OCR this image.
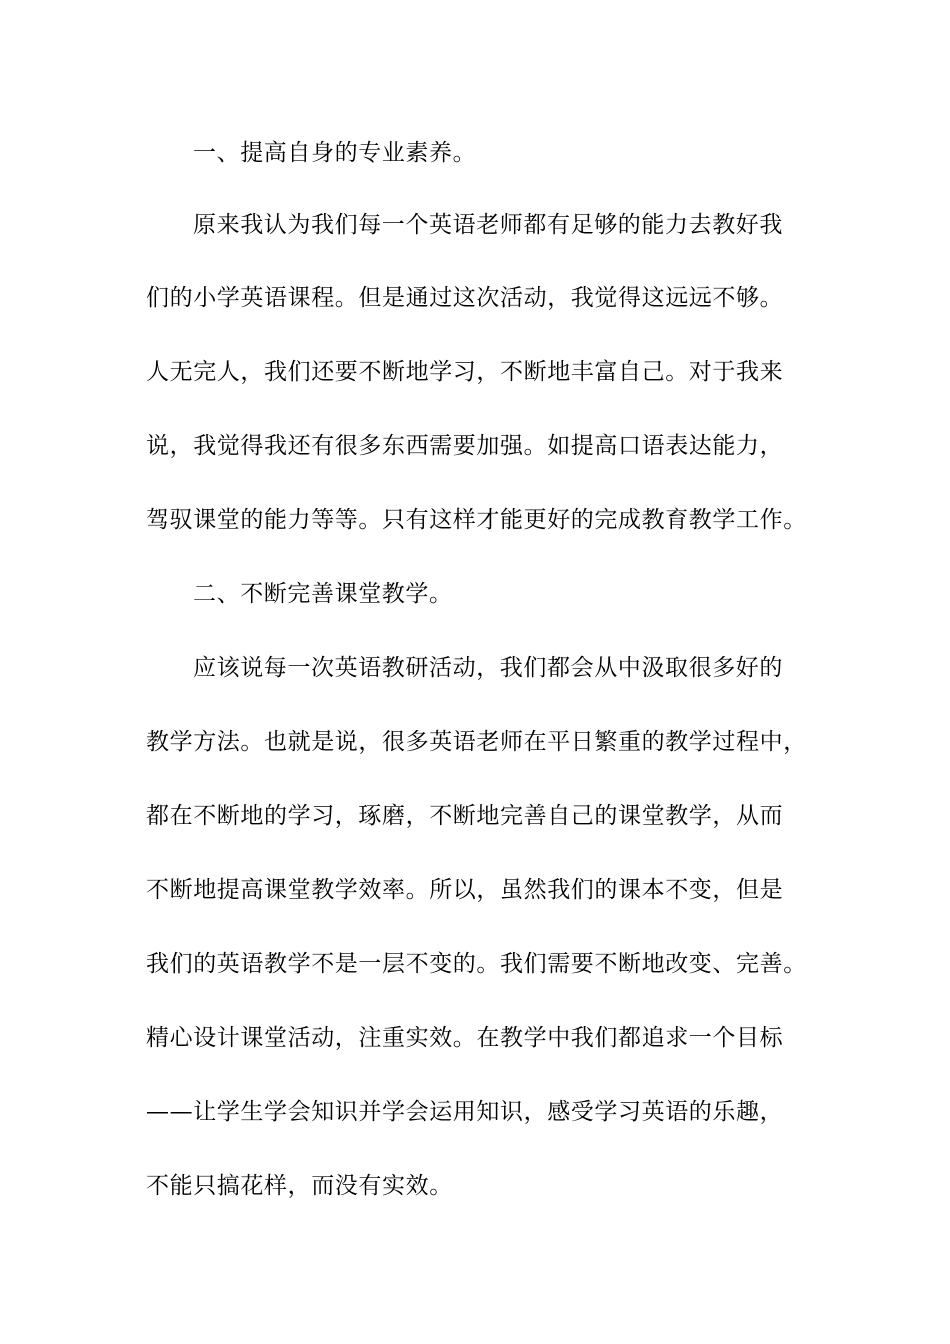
一、提高自身的专业素养。
原来我认为我们每一个英语老师都有足够的能力去教好我
们的小学英语课程。但是通过这次活动，我觉得这远远不够。
人无完人，我们还要不断地学习，不断地丰富自己。对于我来
说，我觉得我还有很多东西需要加强。如提高口语表达能力，
驾驭课堂的能力等等。只有这样才能更好的完成教育教学工作。
二、不断完善课堂教学。
应该说每一次英语教研活动，我们都会从中汲取很多好的
教学方法。也就是说，很多英语老师在平日繁重的教学过程中，
都在不断地的学习，琢磨，不断地完善自己的课堂教学，从而
不断地提高课堂教学效率。所以，虽然我们的课本不变，但是
我们的英语教学不是一层不变的。我们需要不断地改变、完善。
精心设计课堂活动，注重实效。在教学中我们都追求一个目标
——让学生学会知识并学会运用知识，感受学习英语的乐趣，
不能只搞花样，而没有实效。
